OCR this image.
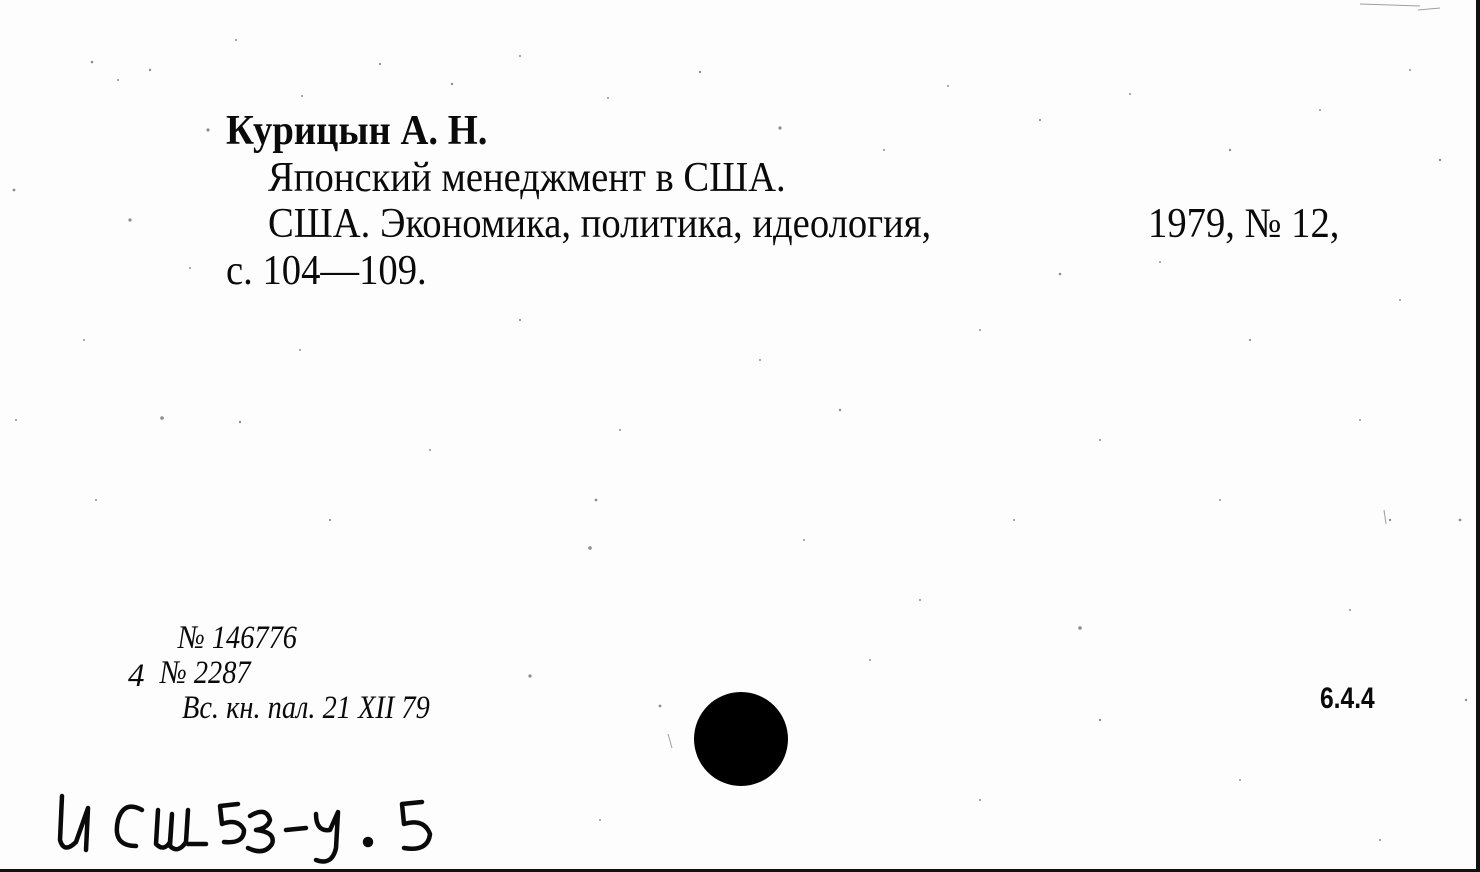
Курицын А. Н.
Японский менеджмент в США.
США. Экономика, политика, идеология,	1979, № 12,
с. 104—109.
№ 146776
4 № 2287
Вс. кн. пал. 21 XII 79	6.4.4
